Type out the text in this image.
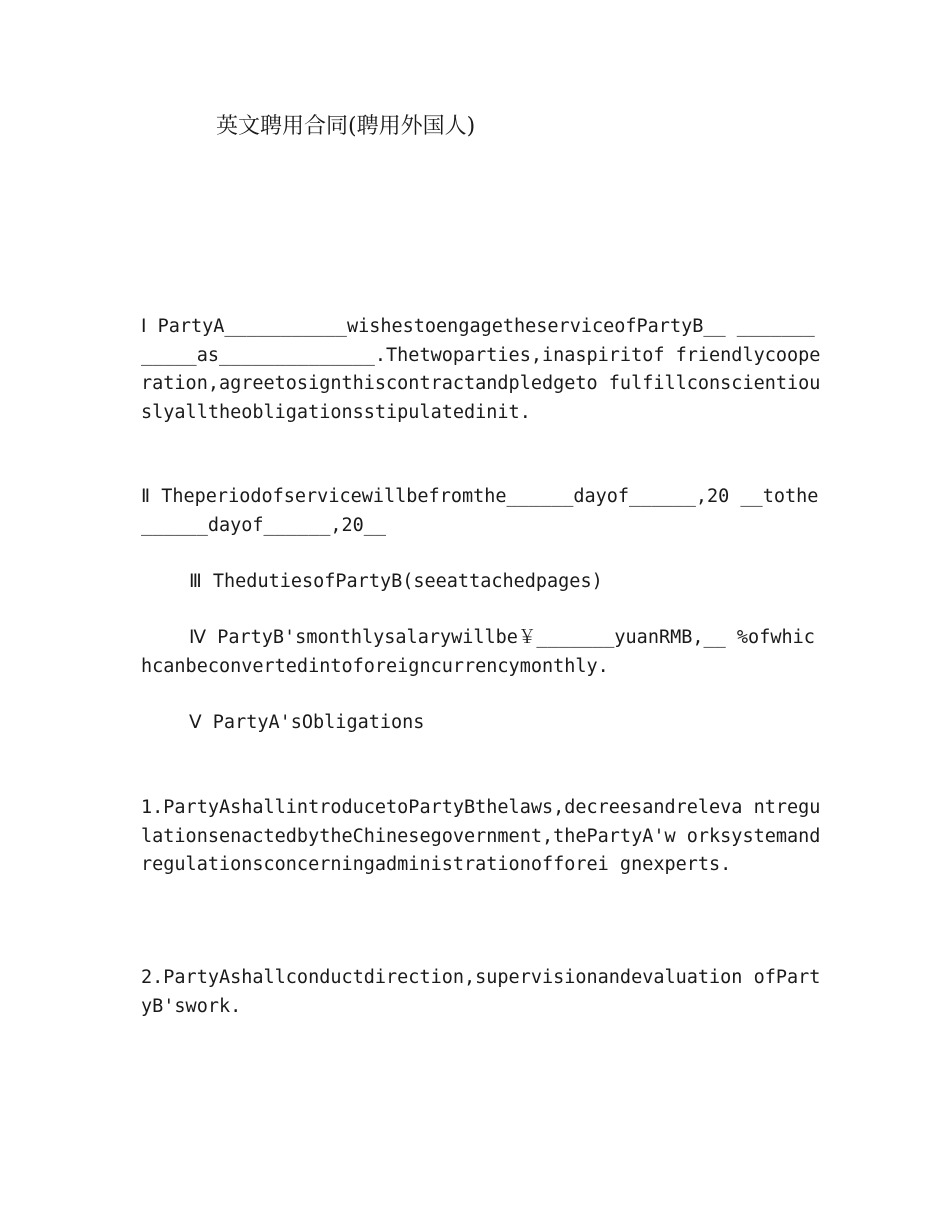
英文聘用合同(聘用外国人)
Ⅰ PartyA___________wishestoengagetheserviceofPartyB__ ____________as______________.Thetwoparties,inaspiritof friendlycooperation,agreetosignthiscontractandpledgeto fulfillconscientiouslyalltheobligationsstipulatedinit.
Ⅱ Theperiodofservicewillbefromthe______dayof______,20 __tothe______dayof______,20__
Ⅲ ThedutiesofPartyB(seeattachedpages)
Ⅳ PartyB'smonthlysalarywillbe￥_______yuanRMB,__ %ofwhichcanbeconvertedintoforeigncurrencymonthly.
Ⅴ PartyA'sObligations
1.PartyAshallintroducetoPartyBthelaws,decreesandreleva ntregulationsenactedbytheChinesegovernment,thePartyA'w orksystemandregulationsconcerningadministrationofforei gnexperts.
2.PartyAshallconductdirection,supervisionandevaluation ofPartyB'swork.
